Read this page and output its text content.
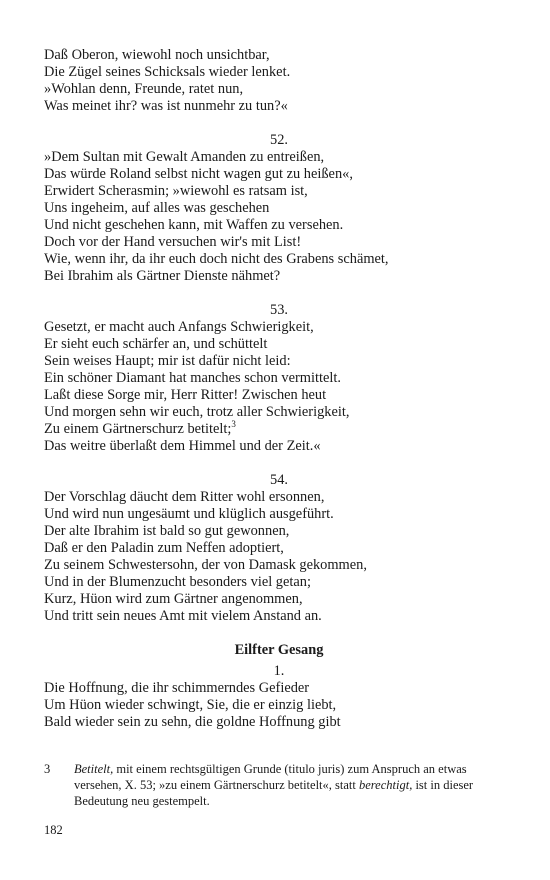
Daß Oberon, wiewohl noch unsichtbar,
Die Zügel seines Schicksals wieder lenket.
»Wohlan denn, Freunde, ratet nun,
Was meinet ihr? was ist nunmehr zu tun?«
52.
»Dem Sultan mit Gewalt Amanden zu entreißen,
Das würde Roland selbst nicht wagen gut zu heißen«,
Erwidert Scherasmin; »wiewohl es ratsam ist,
Uns ingeheim, auf alles was geschehen
Und nicht geschehen kann, mit Waffen zu versehen.
Doch vor der Hand versuchen wir's mit List!
Wie, wenn ihr, da ihr euch doch nicht des Grabens schämet,
Bei Ibrahim als Gärtner Dienste nähmet?
53.
Gesetzt, er macht auch Anfangs Schwierigkeit,
Er sieht euch schärfer an, und schüttelt
Sein weises Haupt; mir ist dafür nicht leid:
Ein schöner Diamant hat manches schon vermittelt.
Laßt diese Sorge mir, Herr Ritter! Zwischen heut
Und morgen sehn wir euch, trotz aller Schwierigkeit,
Zu einem Gärtnerschurz betitelt;$^3$
Das weitre überlaßt dem Himmel und der Zeit.«
54.
Der Vorschlag däucht dem Ritter wohl ersonnen,
Und wird nun ungesäumt und klüglich ausgeführt.
Der alte Ibrahim ist bald so gut gewonnen,
Daß er den Paladin zum Neffen adoptiert,
Zu seinem Schwestersohn, der von Damask gekommen,
Und in der Blumenzucht besonders viel getan;
Kurz, Hüon wird zum Gärtner angenommen,
Und tritt sein neues Amt mit vielem Anstand an.
Eilfter Gesang
1.
Die Hoffnung, die ihr schimmerndes Gefieder
Um Hüon wieder schwingt, Sie, die er einzig liebt,
Bald wieder sein zu sehn, die goldne Hoffnung gibt
3 Betitelt, mit einem rechtsgültigen Grunde (titulo juris) zum Anspruch an etwas versehen, X. 53; »zu einem Gärtnerschurz betitelt«, statt berechtigt, ist in dieser Bedeutung neu gestempelt.
182
